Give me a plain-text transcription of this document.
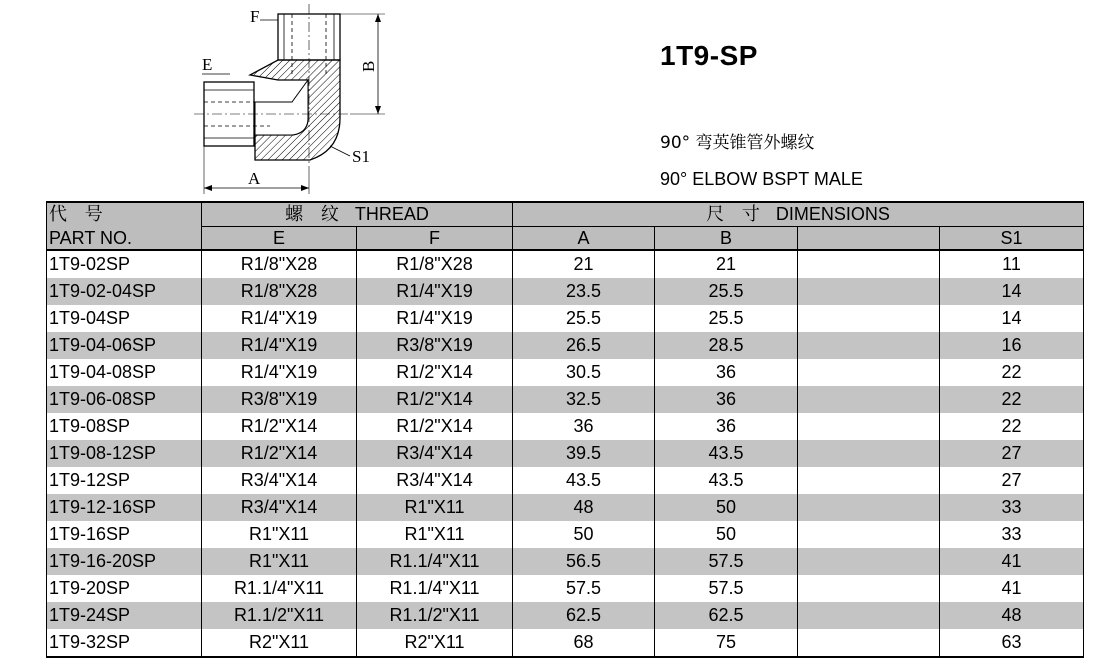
F
E	B
S1
A
1T9-SP
90° 弯英锥管外螺纹
90° ELBOW BSPT MALE
代 号	螺 纹 THREAD		尺 寸 DIMENSIONS			
PART NO.	E	F	A	B		S1
1T9-02SP	R1/8"X28	R1/8"X28	21	21		11
1T9-02-04SP	R1/8"X28	R1/4"X19	23.5	25.5		14
1T9-04SP	R1/4"X19	R1/4"X19	25.5	25.5		14
1T9-04-06SP	R1/4"X19	R3/8"X19	26.5	28.5		16
1T9-04-08SP	R1/4"X19	R1/2"X14	30.5	36		22
1T9-06-08SP	R3/8"X19	R1/2"X14	32.5	36		22
1T9-08SP	R1/2"X14	R1/2"X14	36	36		22
1T9-08-12SP	R1/2"X14	R3/4"X14	39.5	43.5		27
1T9-12SP	R3/4"X14	R3/4"X14	43.5	43.5		27
1T9-12-16SP	R3/4"X14	R1"X11	48	50		33
1T9-16SP	R1"X11	R1"X11	50	50		33
1T9-16-20SP	R1"X11	R1.1/4"X11	56.5	57.5		41
1T9-20SP	R1.1/4"X11	R1.1/4"X11	57.5	57.5		41
1T9-24SP	R1.1/2"X11	R1.1/2"X11	62.5	62.5		48
1T9-32SP	R2"X11	R2"X11	68	75		63
